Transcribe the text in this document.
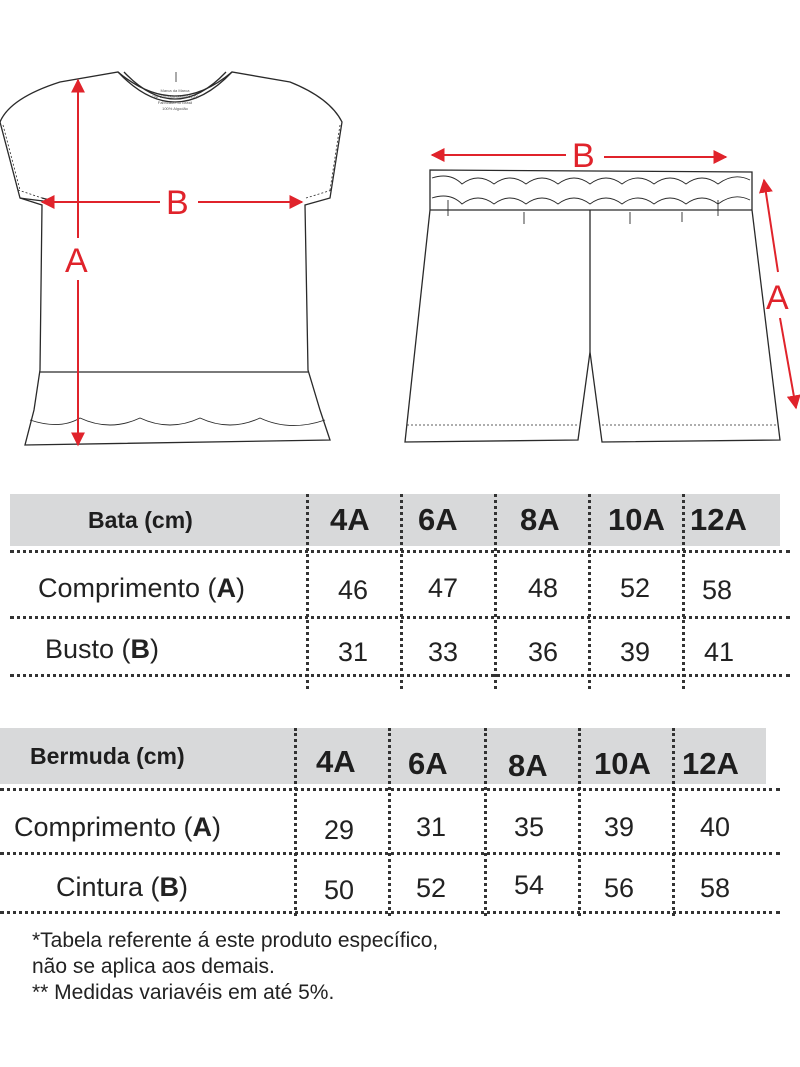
Marca da Marca
CNPJ 00.000.000/0001-00
Fabricado no Brasil
100% Algodão
A
B
B
A
Bata (cm)	4A 6A 8A 10A 12A
Comprimento (A)	46 47	48 52 58
Busto (B)	31 33	36 39 41
Bermuda (cm)	4A 6A 8A 10A 12A
Comprimento (A)	29 31	35 39 40
Cintura (B)	50 52	54 56 58
*Tabela referente á este produto específico,
não se aplica aos demais.
** Medidas variavéis em até 5%.
